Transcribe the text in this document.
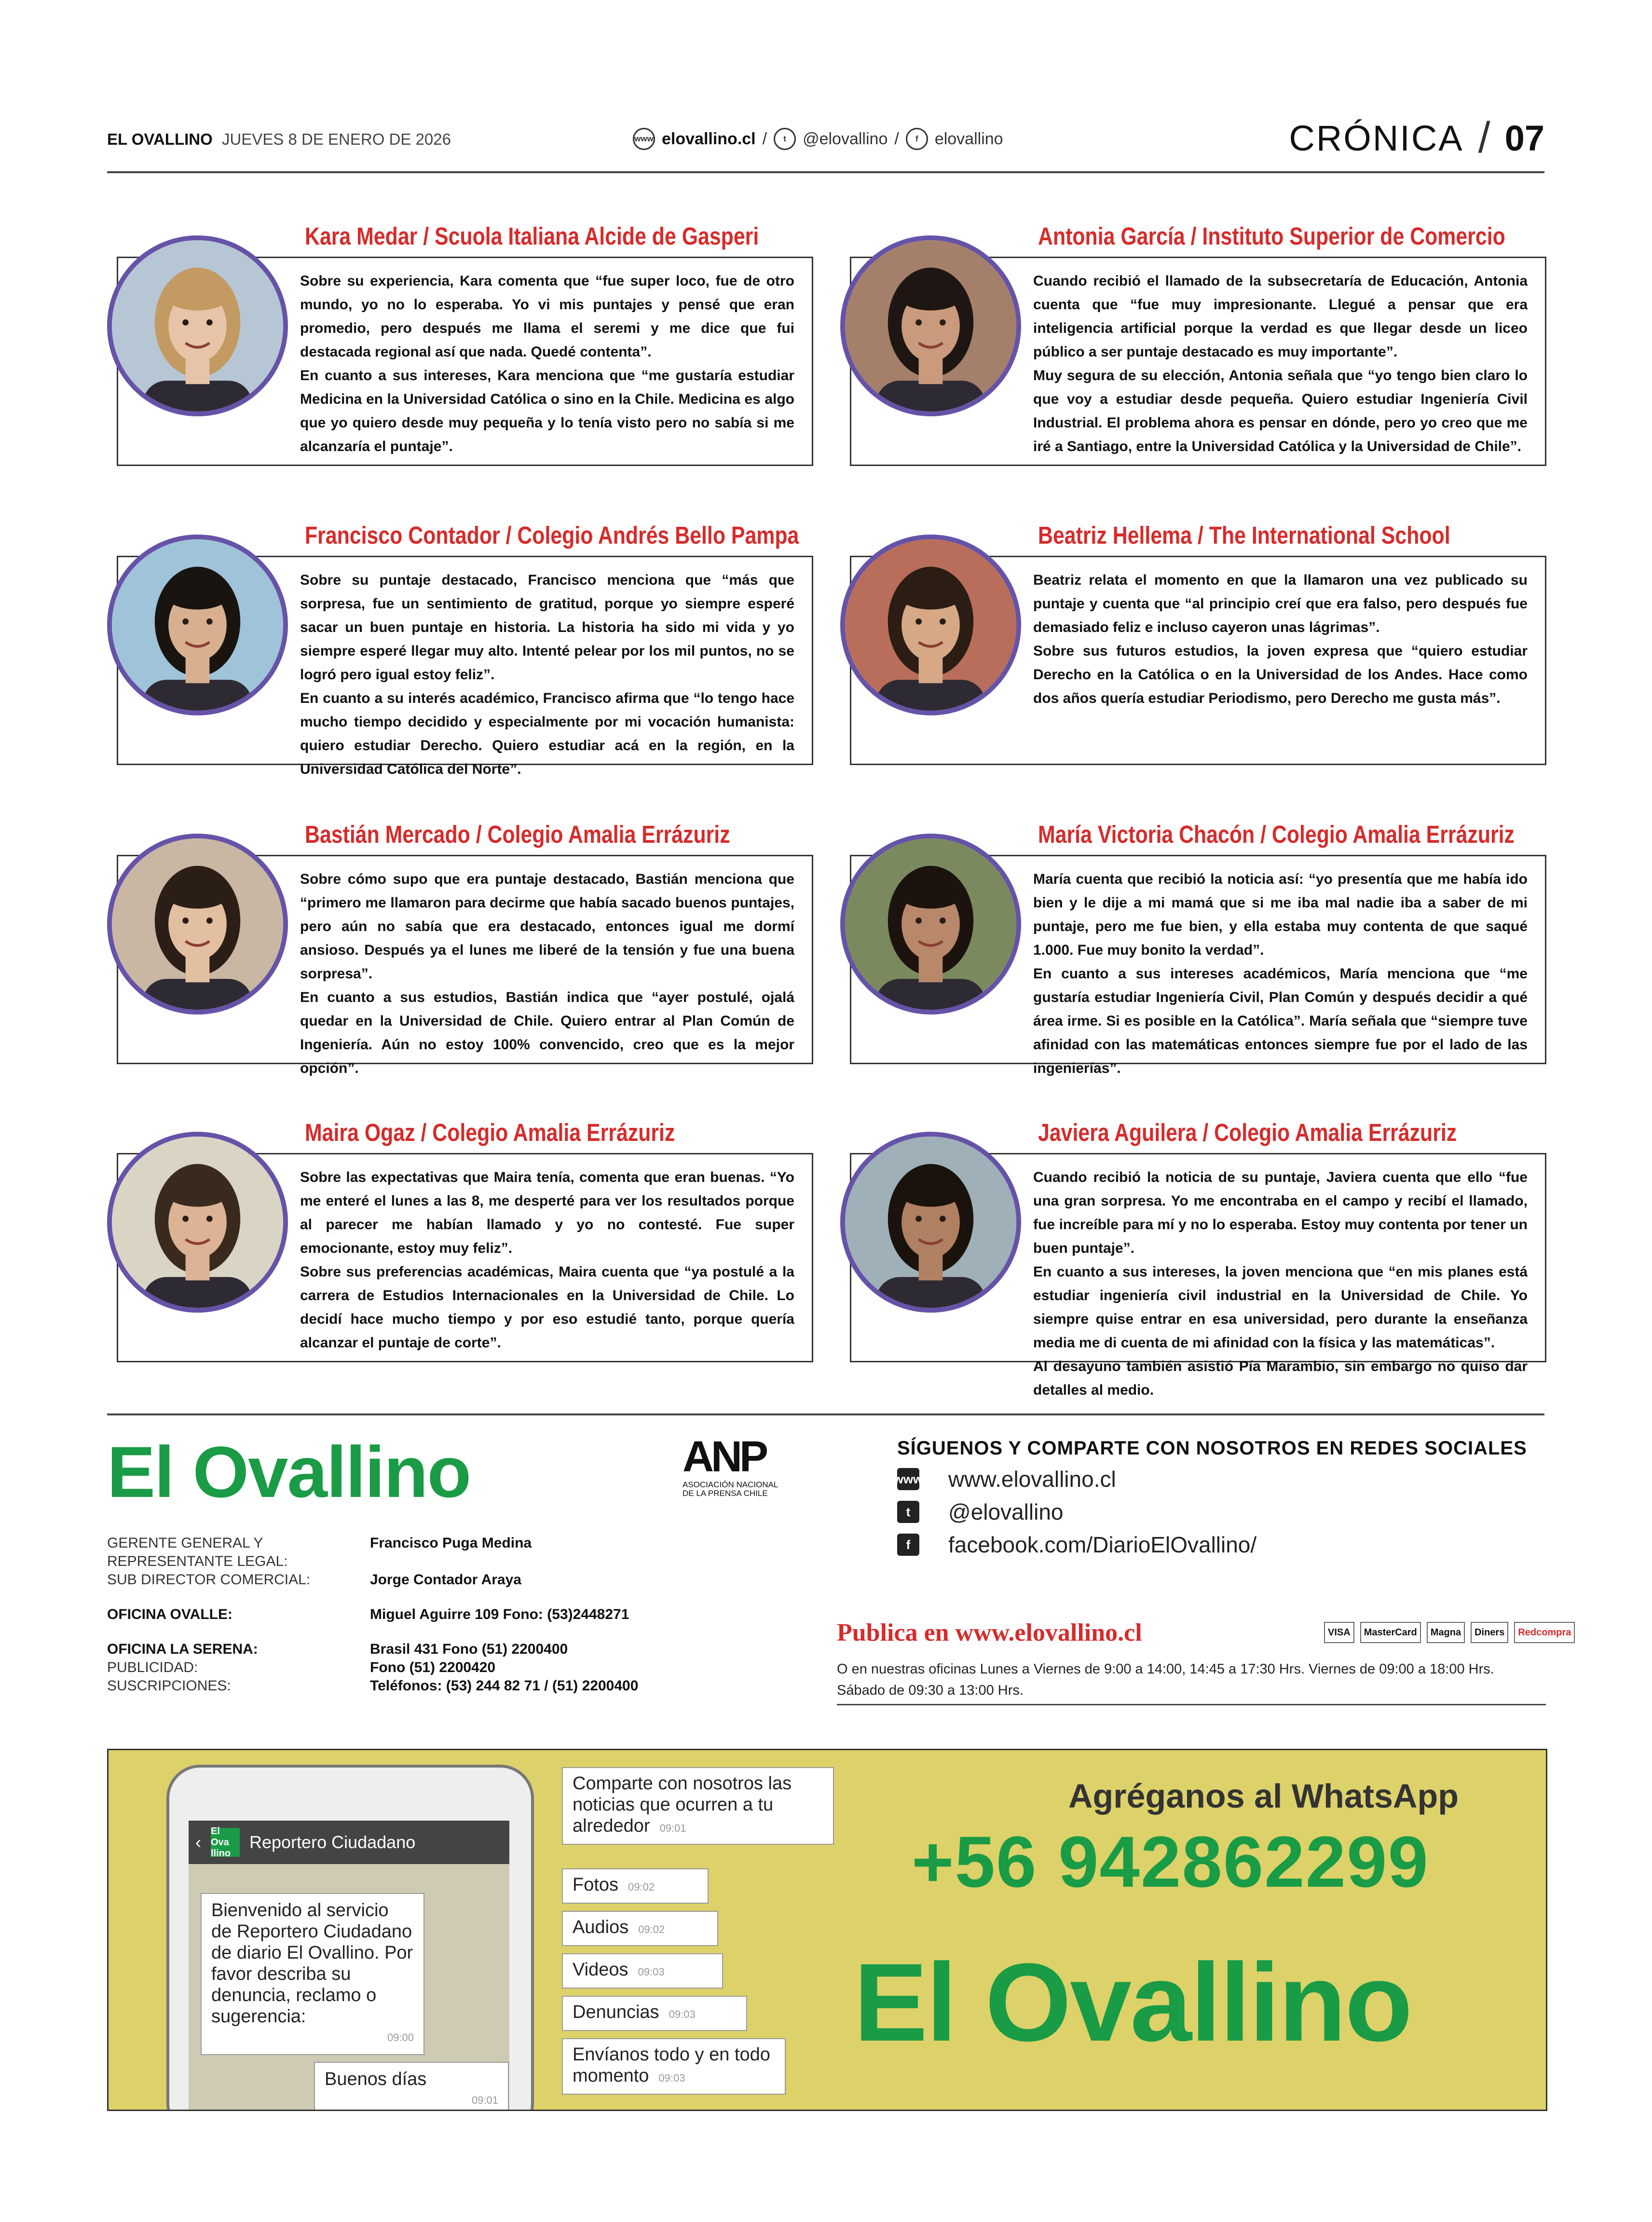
EL OVALLINO JUEVES 8 DE ENERO DE 2026	www elovallino.cl /	t	@elovallino /	f	elovallino	CRÓNICA / 07
Kara Medar / Scuola Italiana Alcide de Gasperi

Sobre su experiencia, Kara comenta que “fue super loco, fue de otro mundo, yo no lo esperaba. Yo vi mis puntajes y pensé que eran promedio, pero después me llama el seremi y me dice que fui destacada regional así que nada. Quedé contenta”.

En cuanto a sus intereses, Kara menciona que “me gustaría estudiar Medicina en la Universidad Católica o sino en la Chile. Medicina es algo que yo quiero desde muy pequeña y lo tenía visto pero no sabía si me alcanzaría el puntaje”.

Antonia García / Instituto Superior de Comercio

Cuando recibió el llamado de la subsecretaría de Educación, Antonia cuenta que “fue muy impresionante. Llegué a pensar que era inteligencia artificial porque la verdad es que llegar desde un liceo público a ser puntaje destacado es muy importante”.

Muy segura de su elección, Antonia señala que “yo tengo bien claro lo que voy a estudiar desde pequeña. Quiero estudiar Ingeniería Civil Industrial. El problema ahora es pensar en dónde, pero yo creo que me iré a Santiago, entre la Universidad Católica y la Universidad de Chile”.

Francisco Contador / Colegio Andrés Bello Pampa

Sobre su puntaje destacado, Francisco menciona que “más que sorpresa, fue un sentimiento de gratitud, porque yo siempre esperé sacar un buen puntaje en historia. La historia ha sido mi vida y yo siempre esperé llegar muy alto. Intenté pelear por los mil puntos, no se logró pero igual estoy feliz”.

En cuanto a su interés académico, Francisco afirma que “lo tengo hace mucho tiempo decidido y especialmente por mi vocación humanista: quiero estudiar Derecho. Quiero estudiar acá en la región, en la Universidad Católica del Norte”.

Beatriz Hellema / The International School

Beatriz relata el momento en que la llamaron una vez publicado su puntaje y cuenta que “al principio creí que era falso, pero después fue demasiado feliz e incluso cayeron unas lágrimas”.

Sobre sus futuros estudios, la joven expresa que “quiero estudiar Derecho en la Católica o en la Universidad de los Andes. Hace como dos años quería estudiar Periodismo, pero Derecho me gusta más”.

Bastián Mercado / Colegio Amalia Errázuriz

Sobre cómo supo que era puntaje destacado, Bastián menciona que “primero me llamaron para decirme que había sacado buenos puntajes, pero aún no sabía que era destacado, entonces igual me dormí ansioso. Después ya el lunes me liberé de la tensión y fue una buena sorpresa”.

En cuanto a sus estudios, Bastián indica que “ayer postulé, ojalá quedar en la Universidad de Chile. Quiero entrar al Plan Común de Ingeniería. Aún no estoy 100% convencido, creo que es la mejor opción”.

María Victoria Chacón / Colegio Amalia Errázuriz

María cuenta que recibió la noticia así: “yo presentía que me había ido bien y le dije a mi mamá que si me iba mal nadie iba a saber de mi puntaje, pero me fue bien, y ella estaba muy contenta de que saqué 1.000. Fue muy bonito la verdad”.

En cuanto a sus intereses académicos, María menciona que “me gustaría estudiar Ingeniería Civil, Plan Común y después decidir a qué área irme. Si es posible en la Católica”. María señala que “siempre tuve afinidad con las matemáticas entonces siempre fue por el lado de las ingenierías”.

Maira Ogaz / Colegio Amalia Errázuriz

Sobre las expectativas que Maira tenía, comenta que eran buenas. “Yo me enteré el lunes a las 8, me desperté para ver los resultados porque al parecer me habían llamado y yo no contesté. Fue super emocionante, estoy muy feliz”.

Sobre sus preferencias académicas, Maira cuenta que “ya postulé a la carrera de Estudios Internacionales en la Universidad de Chile. Lo decidí hace mucho tiempo y por eso estudié tanto, porque quería alcanzar el puntaje de corte”.

Javiera Aguilera / Colegio Amalia Errázuriz

Cuando recibió la noticia de su puntaje, Javiera cuenta que ello “fue una gran sorpresa. Yo me encontraba en el campo y recibí el llamado, fue increíble para mí y no lo esperaba. Estoy muy contenta por tener un buen puntaje”.

En cuanto a sus intereses, la joven menciona que “en mis planes está estudiar ingeniería civil industrial en la Universidad de Chile. Yo siempre quise entrar en esa universidad, pero durante la enseñanza media me di cuenta de mi afinidad con la física y las matemáticas”.

Al desayuno también asistió Pía Marambio, sin embargo no quiso dar detalles al medio.

El Ovallino	ANP
ASOCIACIÓN NACIONAL DE LA PRENSA CHILE
GERENTE GENERAL Y REPRESENTANTE LEGAL:
Francisco Puga Medina
SUB DIRECTOR COMERCIAL:	Jorge Contador Araya
OFICINA OVALLE:	Miguel Aguirre 109 Fono: (53)2448271
OFICINA LA SERENA:	Brasil 431 Fono (51) 2200400
PUBLICIDAD:	Fono (51) 2200420
SUSCRIPCIONES:	Teléfonos: (53) 244 82 71 / (51) 2200400
SÍGUENOS Y COMPARTE CON NOSOTROS EN REDES SOCIALES
www www.elovallino.cl
t	@elovallino
f	facebook.com/DiarioElOvallino/
Publica en www.elovallino.cl	VISA	MasterCard	Magna	Diners	Redcompra
O en nuestras oficinas Lunes a Viernes de 9:00 a 14:00, 14:45 a 17:30 Hrs. Viernes de 09:00 a 18:00 Hrs. Sábado de 09:30 a 13:00 Hrs.
‹
El Ova llino
Reportero Ciudadano
Bienvenido al servicio de Reportero Ciudadano de diario El Ovallino. Por favor describa su denuncia, reclamo o sugerencia:
09:00
Buenos días
09:01
Comparte con nosotros las noticias que ocurren a tu alrededor 09:01
Fotos 09:02
Audios 09:02
Videos 09:03
Denuncias 09:03
Envíanos todo y en todo momento 09:03
Agréganos al WhatsApp
+56 942862299
El Ovallino
